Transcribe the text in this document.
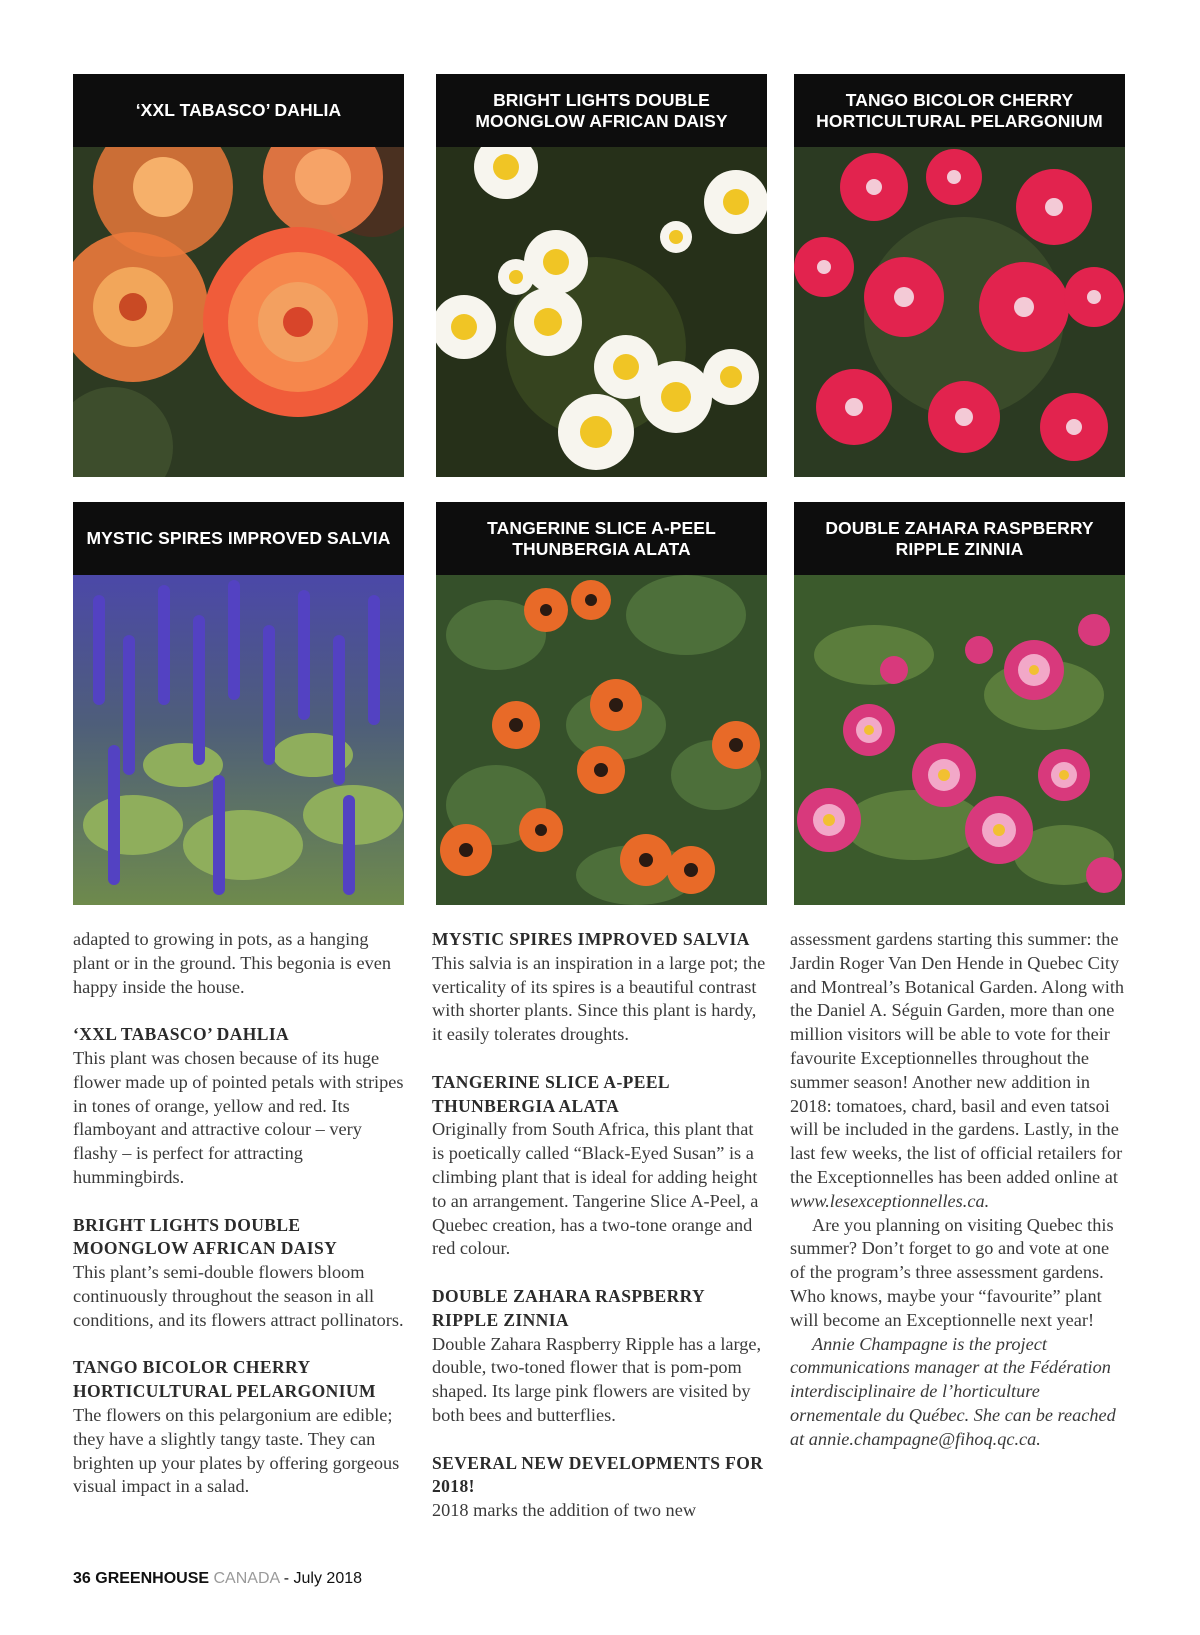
‘XXL TABASCO’ DAHLIA
BRIGHT LIGHTS DOUBLE MOONGLOW AFRICAN DAISY
TANGO BICOLOR CHERRY HORTICULTURAL PELARGONIUM
MYSTIC SPIRES IMPROVED SALVIA
TANGERINE SLICE A-PEEL THUNBERGIA ALATA
DOUBLE ZAHARA RASPBERRY RIPPLE ZINNIA

adapted to growing in pots, as a hanging plant or in the ground. This begonia is even happy inside the house.

‘XXL TABASCO’ DAHLIA

This plant was chosen because of its huge flower made up of pointed petals with stripes in tones of orange, yellow and red. Its flamboyant and attractive colour – very flashy – is perfect for attracting hummingbirds.

BRIGHT LIGHTS DOUBLE MOONGLOW AFRICAN DAISY

This plant’s semi-double flowers bloom continuously throughout the season in all conditions, and its flowers attract pollinators.

TANGO BICOLOR CHERRY HORTICULTURAL PELARGONIUM

The flowers on this pelargonium are edible; they have a slightly tangy taste. They can brighten up your plates by offering gorgeous visual impact in a salad.

MYSTIC SPIRES IMPROVED SALVIA

This salvia is an inspiration in a large pot; the verticality of its spires is a beautiful contrast with shorter plants. Since this plant is hardy, it easily tolerates droughts.

TANGERINE SLICE A-PEEL THUNBERGIA ALATA

Originally from South Africa, this plant that is poetically called “Black-Eyed Susan” is a climbing plant that is ideal for adding height to an arrangement. Tangerine Slice A-Peel, a Quebec creation, has a two-tone orange and red colour.

DOUBLE ZAHARA RASPBERRY RIPPLE ZINNIA

Double Zahara Raspberry Ripple has a large, double, two-toned flower that is pom-pom shaped. Its large pink flowers are visited by both bees and butterflies.

SEVERAL NEW DEVELOPMENTS FOR 2018!

2018 marks the addition of two new

assessment gardens starting this summer: the Jardin Roger Van Den Hende in Quebec City and Montreal’s Botanical Garden. Along with the Daniel A. Séguin Garden, more than one million visitors will be able to vote for their favourite Exceptionnelles throughout the summer season! Another new addition in 2018: tomatoes, chard, basil and even tatsoi will be included in the gardens. Lastly, in the last few weeks, the list of official retailers for the Exceptionnelles has been added online at www.lesexceptionnelles.ca.

Are you planning on visiting Quebec this summer? Don’t forget to go and vote at one of the program’s three assessment gardens. Who knows, maybe your “favourite” plant will become an Exceptionnelle next year!

Annie Champagne is the project communications manager at the Fédération interdisciplinaire de l’horticulture ornementale du Québec. She can be reached at annie.champagne@fihoq.qc.ca.

36 GREENHOUSE CANADA - July 2018
